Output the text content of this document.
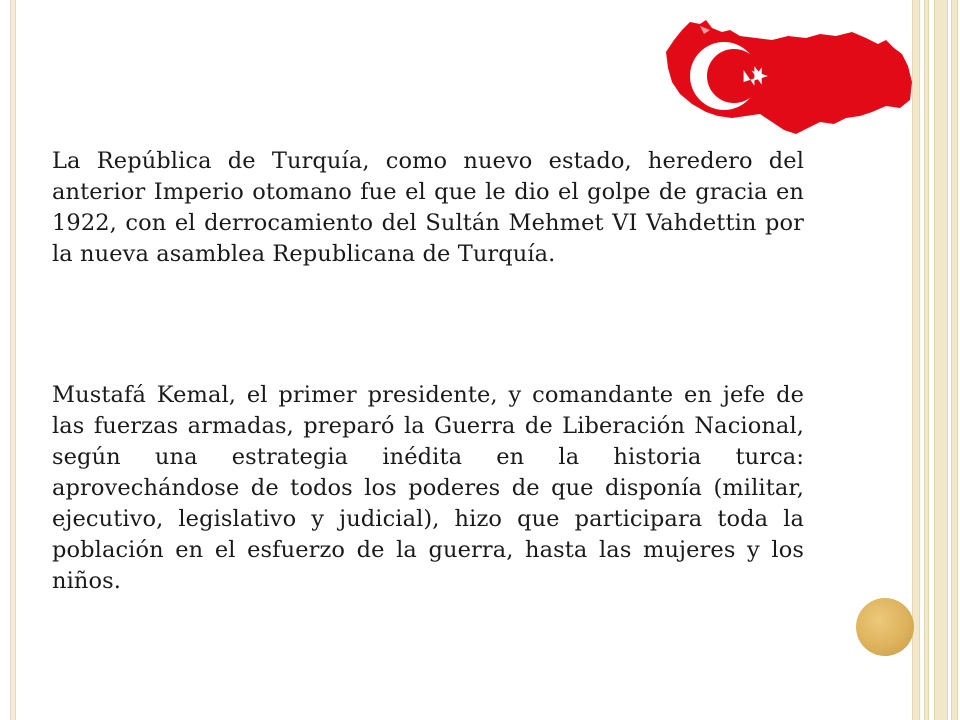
La República de Turquía, como nuevo estado, heredero del anterior Imperio otomano fue el que le dio el golpe de gracia en 1922, con el derrocamiento del Sultán Mehmet VI Vahdettin por la nueva asamblea Republicana de Turquía.

Mustafá Kemal, el primer presidente, y comandante en jefe de las fuerzas armadas, preparó la Guerra de Liberación Nacional, según una estrategia inédita en la historia turca: aprovechándose de todos los poderes de que disponía (militar, ejecutivo, legislativo y judicial), hizo que participara toda la población en el esfuerzo de la guerra, hasta las mujeres y los niños.
